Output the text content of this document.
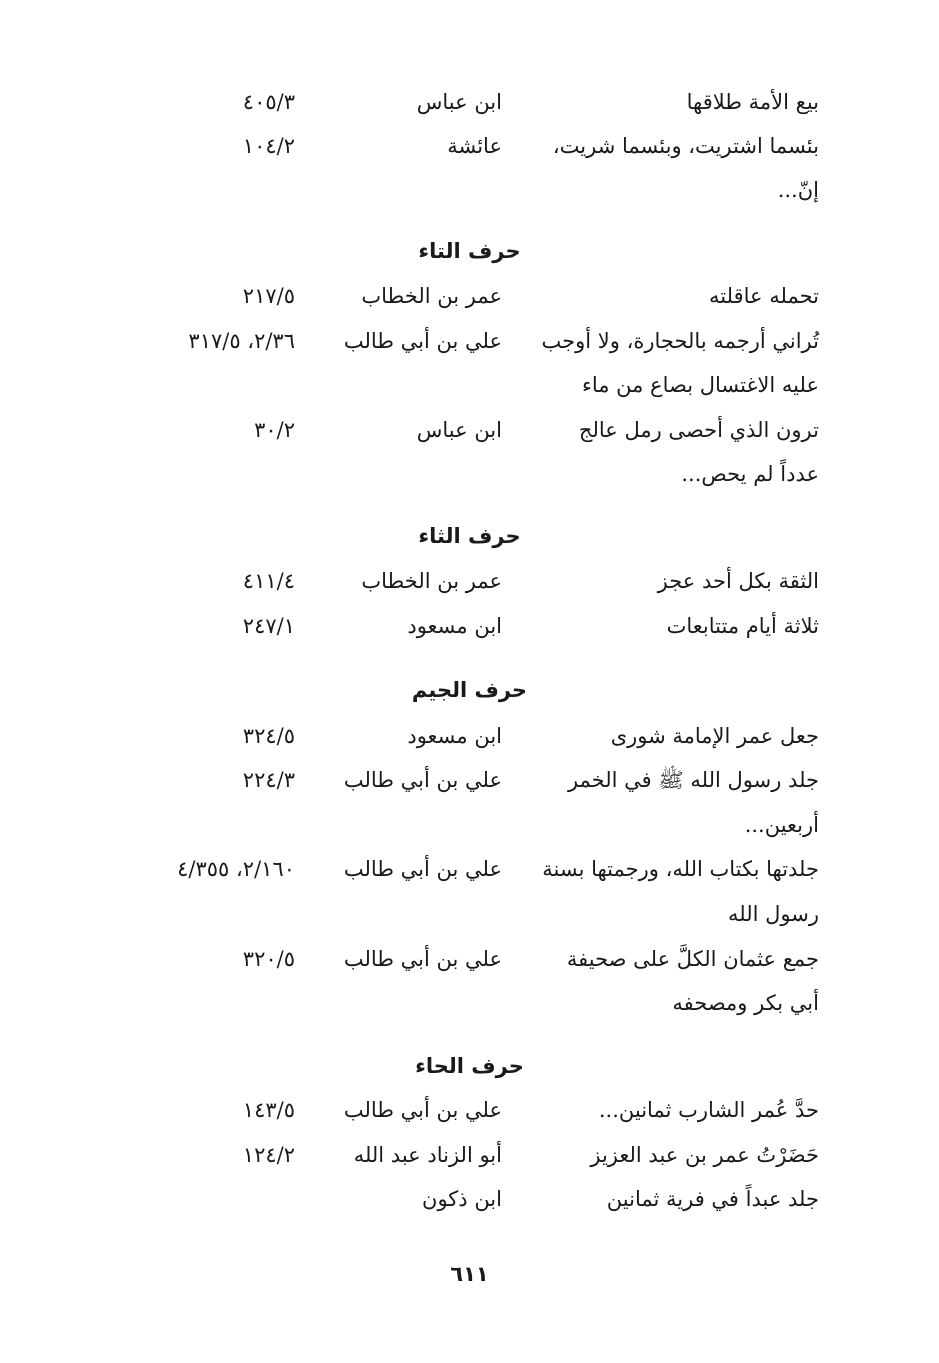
بيع الأمة طلاقها
ابن عباس
٤٠٥/٣
بئسما اشتريت، وبئسما شريت،
عائشة
١٠٤/٢
إنّ...
حرف التاء
تحمله عاقلته
عمر بن الخطاب
٢١٧/٥
تُراني أرجمه بالحجارة، ولا أوجب
علي بن أبي طالب
٢/٣٦، ٣١٧/٥
عليه الاغتسال بصاع من ماء
ترون الذي أحصى رمل عالج
ابن عباس
٣٠/٢
عدداً لم يحص...
حرف الثاء
الثقة بكل أحد عجز
عمر بن الخطاب
٤١١/٤
ثلاثة أيام متتابعات
ابن مسعود
٢٤٧/١
حرف الجيم
جعل عمر الإمامة شورى
ابن مسعود
٣٢٤/٥
جلد رسول الله ﷺ في الخمر
علي بن أبي طالب
٢٢٤/٣
أربعين...
جلدتها بكتاب الله، ورجمتها بسنة
علي بن أبي طالب
٢/١٦٠، ٤/٣٥٥
رسول الله
جمع عثمان الكلَّ على صحيفة
علي بن أبي طالب
٣٢٠/٥
أبي بكر ومصحفه
حرف الحاء
حدَّ عُمر الشارب ثمانين...
علي بن أبي طالب
١٤٣/٥
حَضَرْتُ عمر بن عبد العزيز
أبو الزناد عبد الله
١٢٤/٢
جلد عبداً في فرية ثمانين
ابن ذكون
٦١١
